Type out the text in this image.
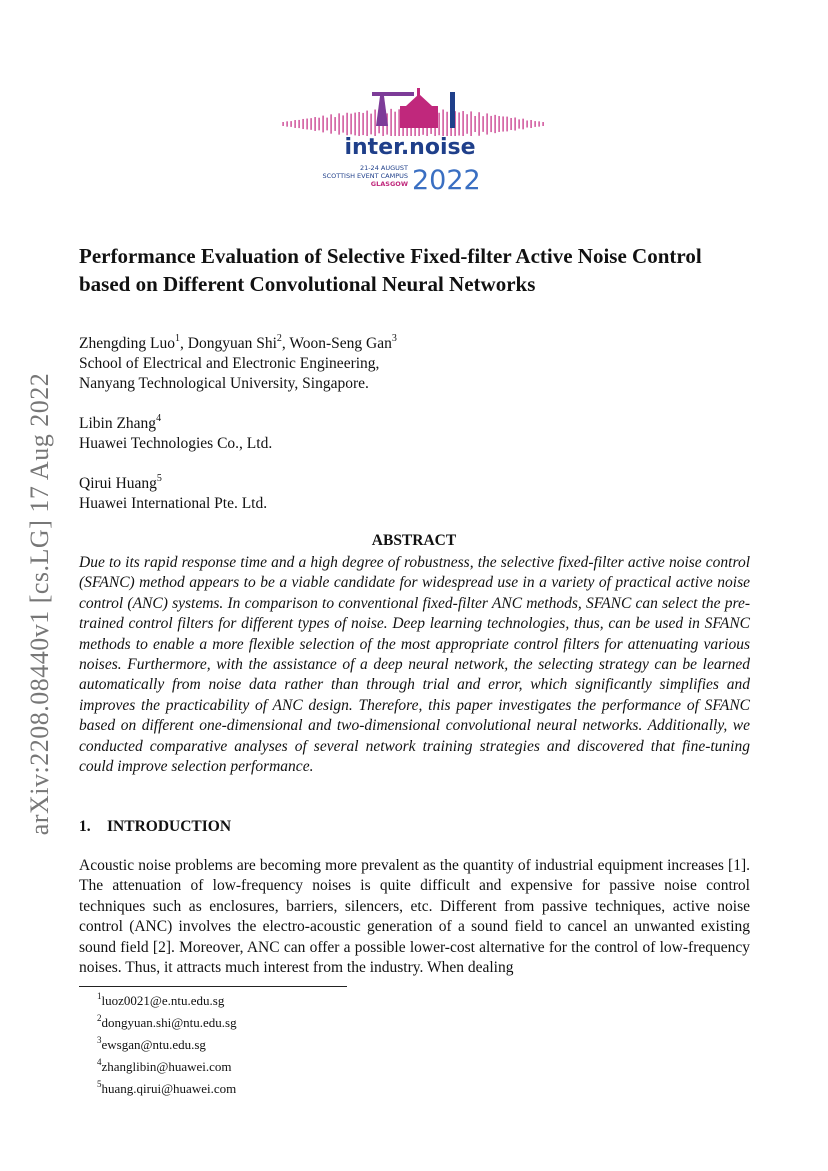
inter.noise
21-24 AUGUST
SCOTTISH EVENT CAMPUS
GLASGOW 2022
arXiv:2208.08440v1 [cs.LG] 17 Aug 2022
Performance Evaluation of Selective Fixed-filter Active Noise Control
based on Different Convolutional Neural Networks
Zhengding Luo$^1$, Dongyuan Shi$^2$, Woon-Seng Gan$^3$
School of Electrical and Electronic Engineering,
Nanyang Technological University, Singapore.
Libin Zhang$^4$
Huawei Technologies Co., Ltd.
Qirui Huang$^5$
Huawei International Pte. Ltd.
ABSTRACT

Due to its rapid response time and a high degree of robustness, the selective fixed-filter active noise control (SFANC) method appears to be a viable candidate for widespread use in a variety of practical active noise control (ANC) systems. In comparison to conventional fixed-filter ANC methods, SFANC can select the pre-trained control filters for different types of noise. Deep learning technologies, thus, can be used in SFANC methods to enable a more flexible selection of the most appropriate control filters for attenuating various noises. Furthermore, with the assistance of a deep neural network, the selecting strategy can be learned automatically from noise data rather than through trial and error, which significantly simplifies and improves the practicability of ANC design. Therefore, this paper investigates the performance of SFANC based on different one-dimensional and two-dimensional convolutional neural networks. Additionally, we conducted comparative analyses of several network training strategies and discovered that fine-tuning could improve selection performance.

1. INTRODUCTION

Acoustic noise problems are becoming more prevalent as the quantity of industrial equipment increases [1]. The attenuation of low-frequency noises is quite difficult and expensive for passive noise control techniques such as enclosures, barriers, silencers, etc. Different from passive techniques, active noise control (ANC) involves the electro-acoustic generation of a sound field to cancel an unwanted existing sound field [2]. Moreover, ANC can offer a possible lower-cost alternative for the control of low-frequency noises. Thus, it attracts much interest from the industry. When dealing

$^1$luoz0021@e.ntu.edu.sg
$^2$dongyuan.shi@ntu.edu.sg
$^3$ewsgan@ntu.edu.sg
$^4$zhanglibin@huawei.com
$^5$huang.qirui@huawei.com
